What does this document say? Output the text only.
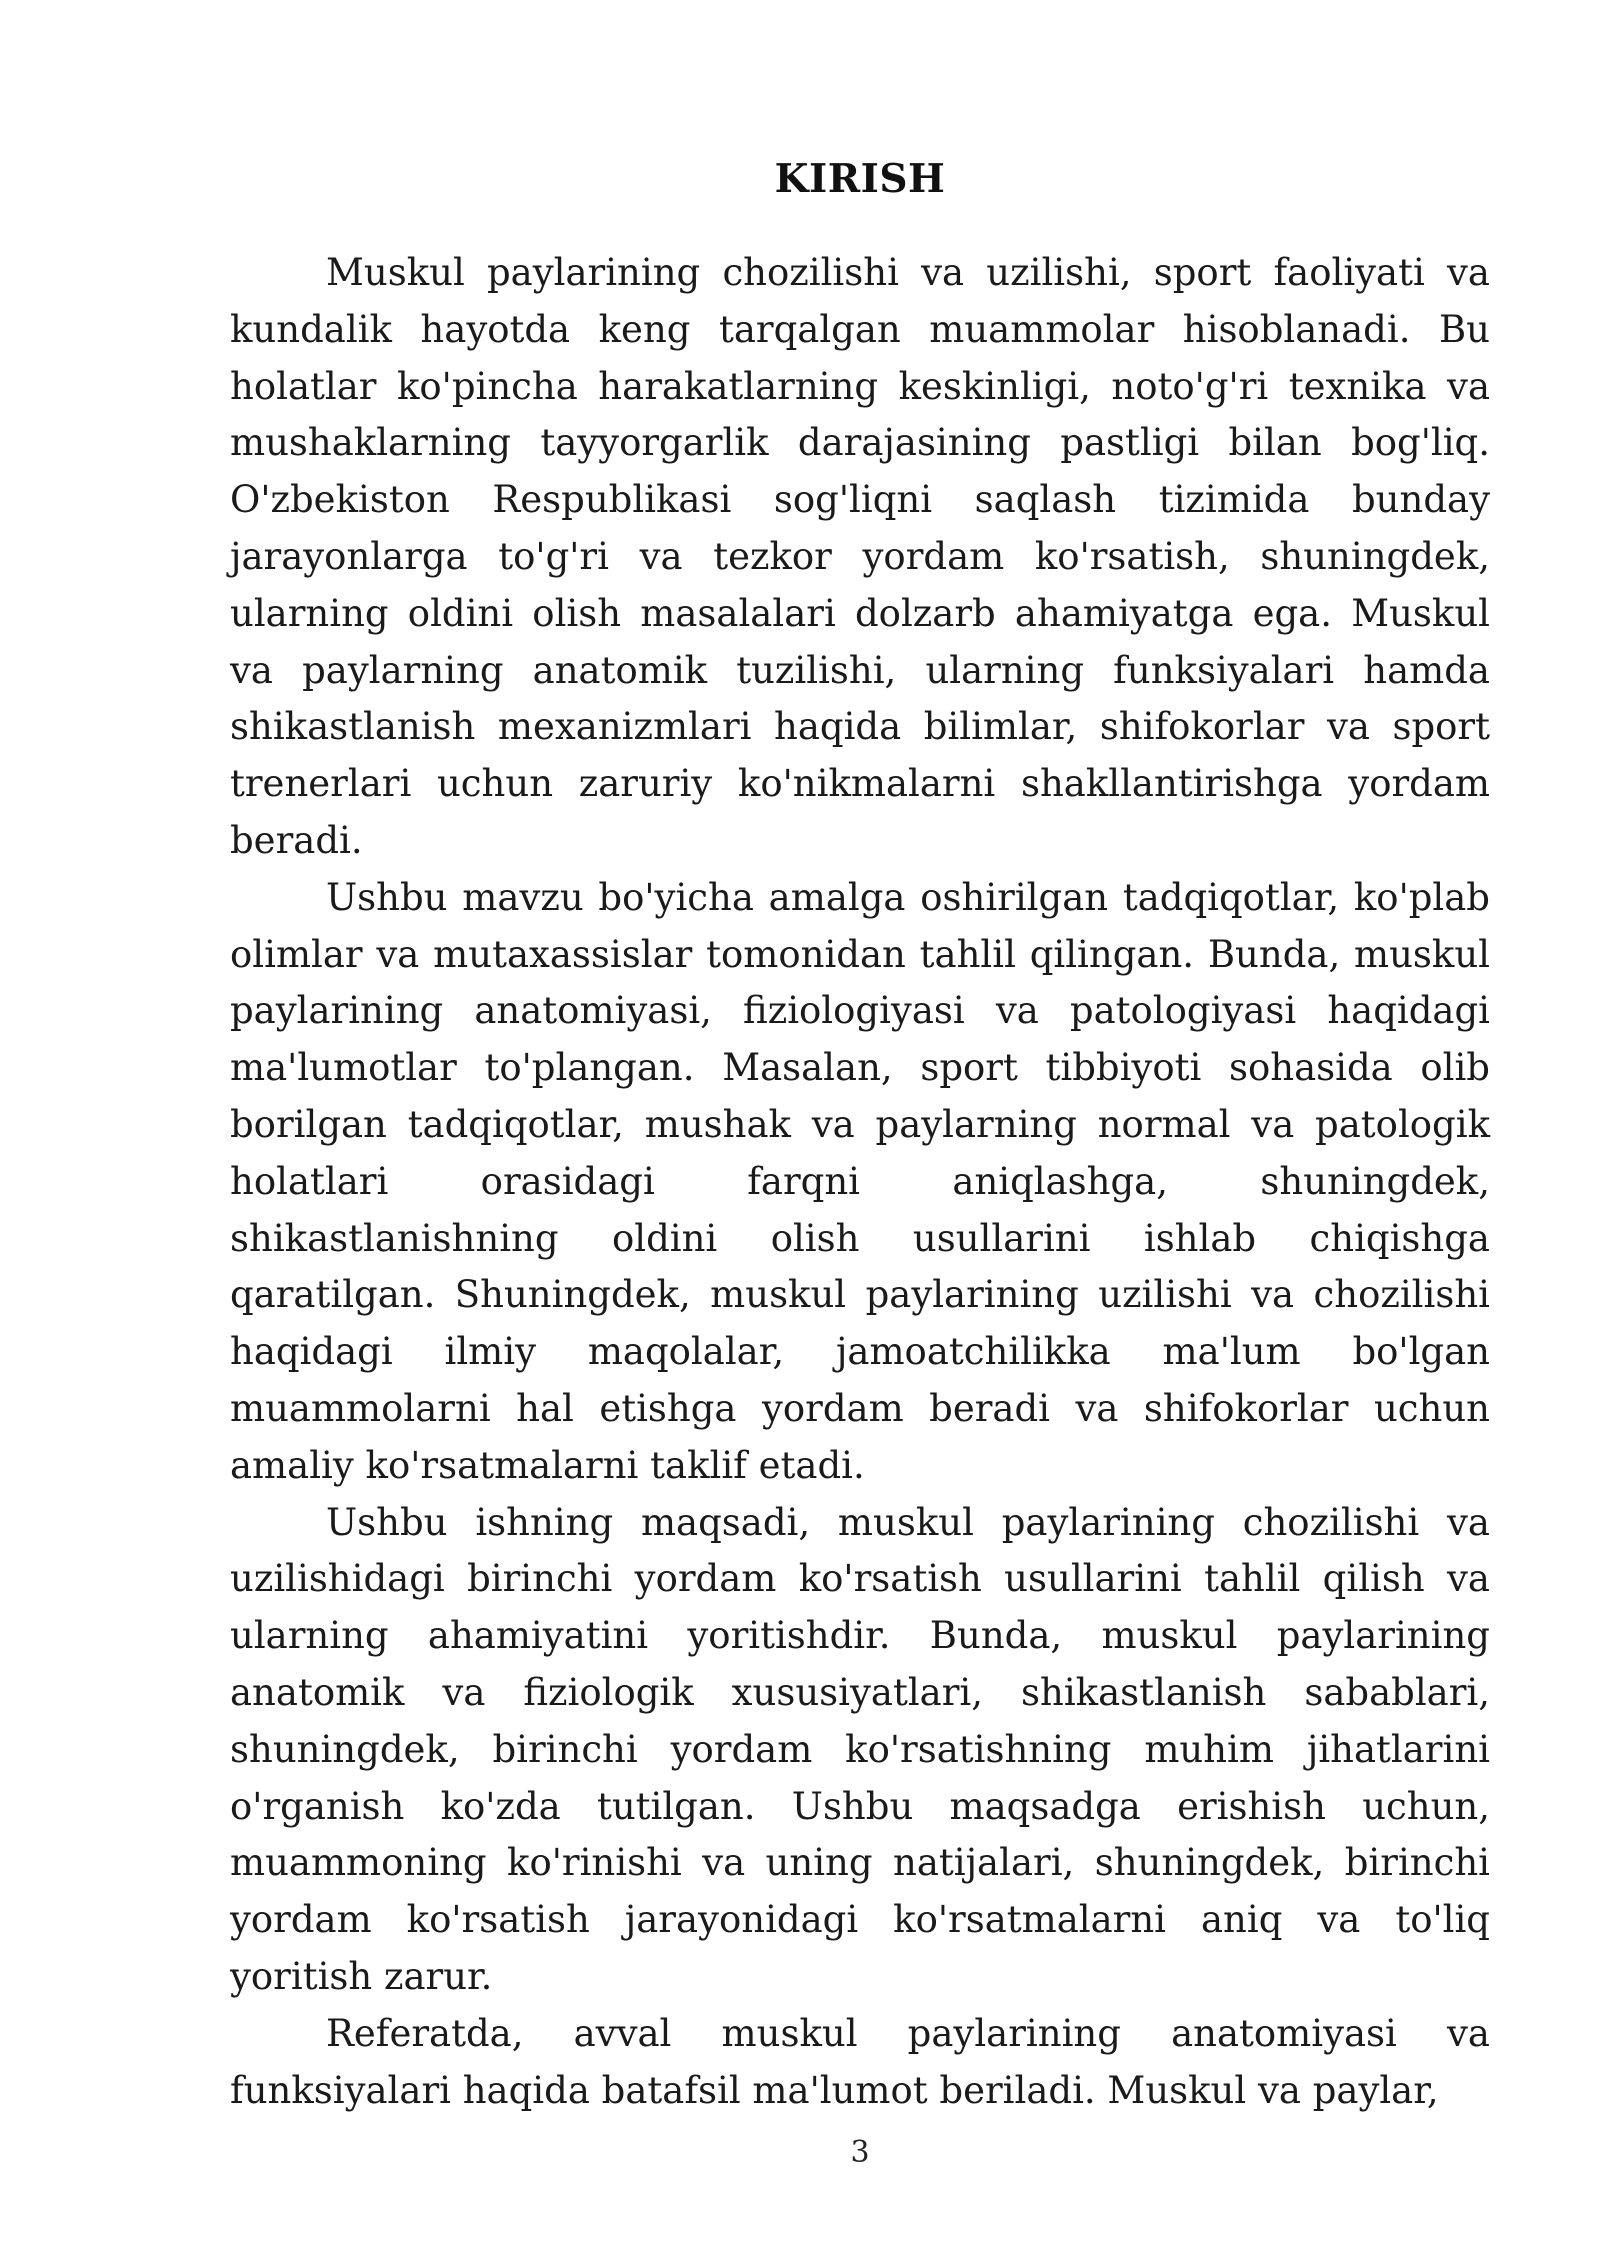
KIRISH

Muskul paylarining chozilishi va uzilishi, sport faoliyati va kundalik hayotda keng tarqalgan muammolar hisoblanadi. Bu holatlar ko'pincha harakatlarning keskinligi, noto'g'ri texnika va mushaklarning tayyorgarlik darajasining pastligi bilan bog'liq. O'zbekiston Respublikasi sog'liqni saqlash tizimida bunday jarayonlarga to'g'ri va tezkor yordam ko'rsatish, shuningdek, ularning oldini olish masalalari dolzarb ahamiyatga ega. Muskul va paylarning anatomik tuzilishi, ularning funksiyalari hamda shikastlanish mexanizmlari haqida bilimlar, shifokorlar va sport trenerlari uchun zaruriy ko'nikmalarni shakllantirishga yordam beradi.

Ushbu mavzu bo'yicha amalga oshirilgan tadqiqotlar, ko'plab olimlar va mutaxassislar tomonidan tahlil qilingan. Bunda, muskul paylarining anatomiyasi, fiziologiyasi va patologiyasi haqidagi ma'lumotlar to'plangan. Masalan, sport tibbiyoti sohasida olib borilgan tadqiqotlar, mushak va paylarning normal va patologik holatlari orasidagi farqni aniqlashga, shuningdek, shikastlanishning oldini olish usullarini ishlab chiqishga qaratilgan. Shuningdek, muskul paylarining uzilishi va chozilishi haqidagi ilmiy maqolalar, jamoatchilikka ma'lum bo'lgan muammolarni hal etishga yordam beradi va shifokorlar uchun amaliy ko'rsatmalarni taklif etadi.

Ushbu ishning maqsadi, muskul paylarining chozilishi va uzilishidagi birinchi yordam ko'rsatish usullarini tahlil qilish va ularning ahamiyatini yoritishdir. Bunda, muskul paylarining anatomik va fiziologik xususiyatlari, shikastlanish sabablari, shuningdek, birinchi yordam ko'rsatishning muhim jihatlarini o'rganish ko'zda tutilgan. Ushbu maqsadga erishish uchun, muammoning ko'rinishi va uning natijalari, shuningdek, birinchi yordam ko'rsatish jarayonidagi ko'rsatmalarni aniq va to'liq yoritish zarur.

Referatda, avval muskul paylarining anatomiyasi va funksiyalari haqida batafsil ma'lumot beriladi. Muskul va paylar,

3
